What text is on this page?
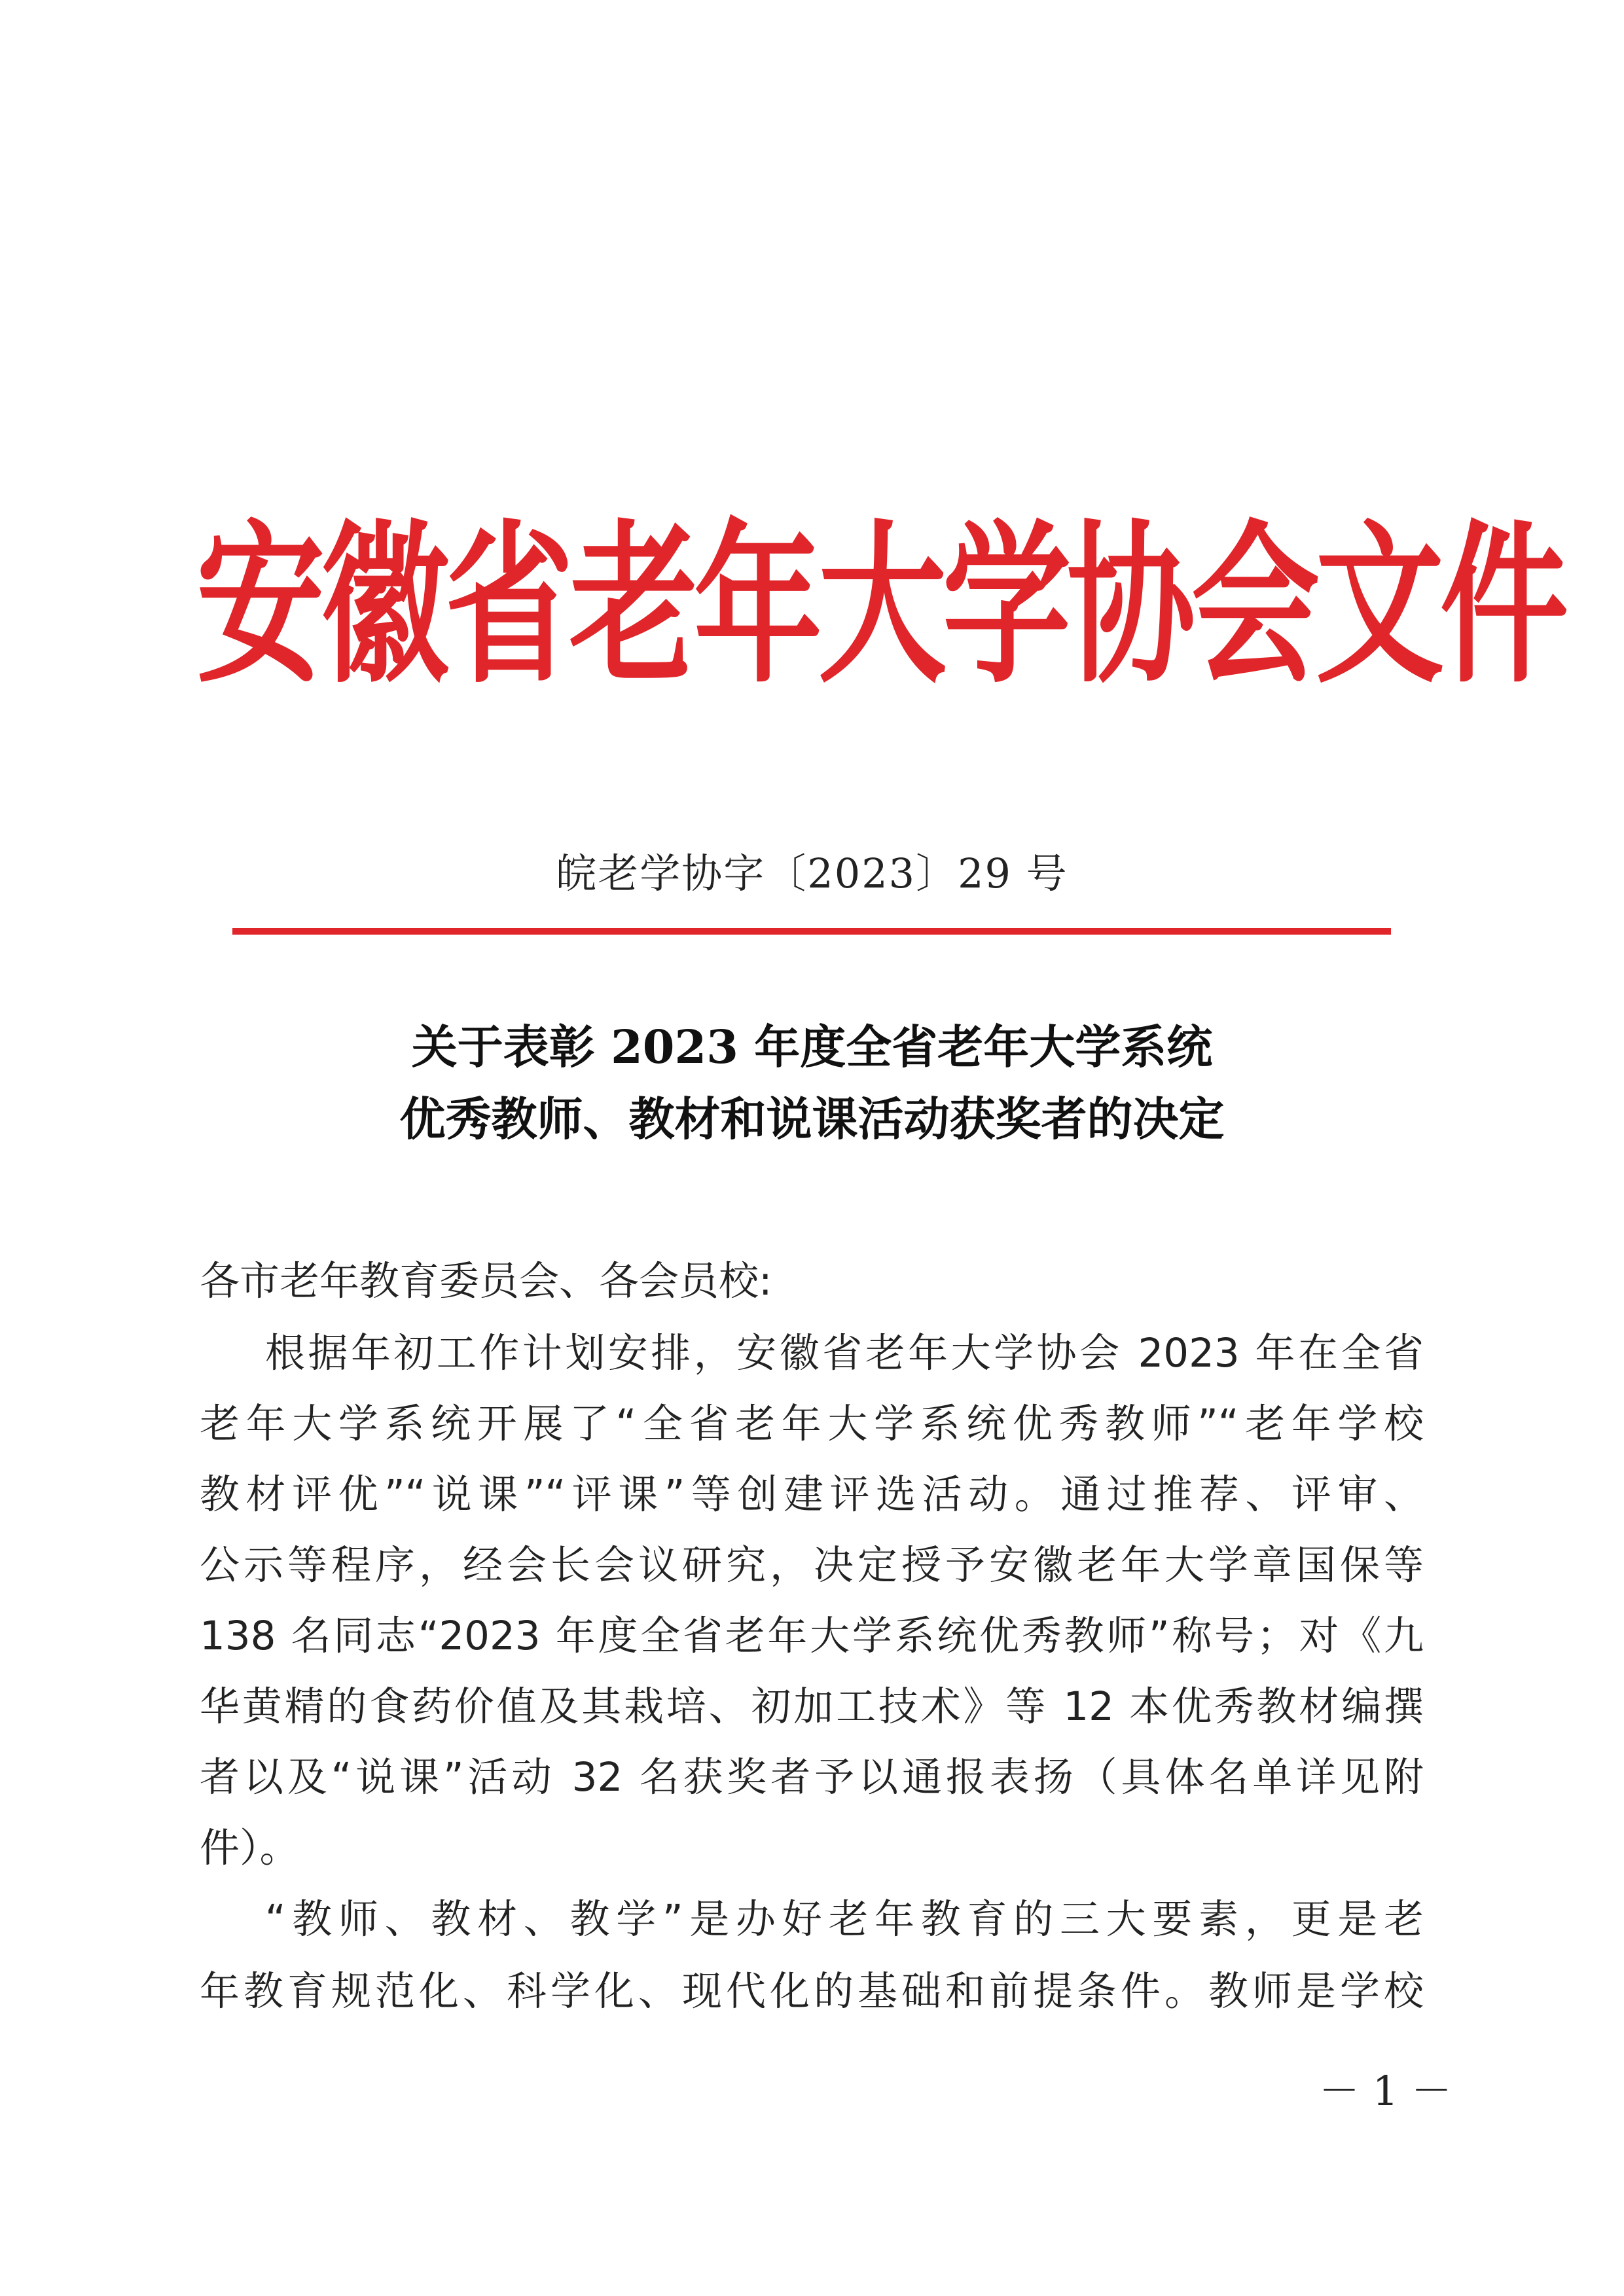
安徽省老年大学协会文件
皖老学协字〔2023〕29 号
关于表彰 2023 年度全省老年大学系统
优秀教师、教材和说课活动获奖者的决定
各市老年教育委员会、各会员校:
根据年初工作计划安排，安徽省老年大学协会 2023 年在全省
老年大学系统开展了“全省老年大学系统优秀教师”“老年学校
教材评优”“说课”“评课”等创建评选活动。通过推荐、评审、
公示等程序，经会长会议研究，决定授予安徽老年大学章国保等
138 名同志“2023 年度全省老年大学系统优秀教师”称号；对《九
华黄精的食药价值及其栽培、初加工技术》等 12 本优秀教材编撰
者以及“说课”活动 32 名获奖者予以通报表扬（具体名单详见附
件）。
“教师、教材、教学”是办好老年教育的三大要素，更是老
年教育规范化、科学化、现代化的基础和前提条件。教师是学校
－ 1 －
